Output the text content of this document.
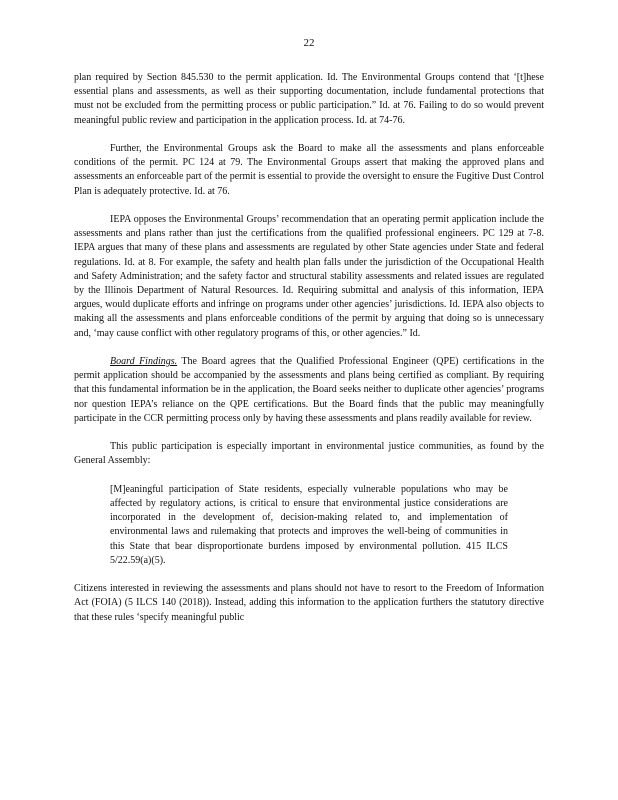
22

plan required by Section 845.530 to the permit application. Id. The Environmental Groups contend that ‘[t]hese essential plans and assessments, as well as their supporting documentation, include fundamental protections that must not be excluded from the permitting process or public participation.” Id. at 76. Failing to do so would prevent meaningful public review and participation in the application process. Id. at 74-76.

Further, the Environmental Groups ask the Board to make all the assessments and plans enforceable conditions of the permit. PC 124 at 79. The Environmental Groups assert that making the approved plans and assessments an enforceable part of the permit is essential to provide the oversight to ensure the Fugitive Dust Control Plan is adequately protective. Id. at 76.

IEPA opposes the Environmental Groups’ recommendation that an operating permit application include the assessments and plans rather than just the certifications from the qualified professional engineers. PC 129 at 7-8. IEPA argues that many of these plans and assessments are regulated by other State agencies under State and federal regulations. Id. at 8. For example, the safety and health plan falls under the jurisdiction of the Occupational Health and Safety Administration; and the safety factor and structural stability assessments and related issues are regulated by the Illinois Department of Natural Resources. Id. Requiring submittal and analysis of this information, IEPA argues, would duplicate efforts and infringe on programs under other agencies’ jurisdictions. Id. IEPA also objects to making all the assessments and plans enforceable conditions of the permit by arguing that doing so is unnecessary and, ‘may cause conflict with other regulatory programs of this, or other agencies.” Id.

Board Findings. The Board agrees that the Qualified Professional Engineer (QPE) certifications in the permit application should be accompanied by the assessments and plans being certified as compliant. By requiring that this fundamental information be in the application, the Board seeks neither to duplicate other agencies’ programs nor question IEPA’s reliance on the QPE certifications. But the Board finds that the public may meaningfully participate in the CCR permitting process only by having these assessments and plans readily available for review.

This public participation is especially important in environmental justice communities, as found by the General Assembly:

[M]eaningful participation of State residents, especially vulnerable populations who may be affected by regulatory actions, is critical to ensure that environmental justice considerations are incorporated in the development of, decision-making related to, and implementation of environmental laws and rulemaking that protects and improves the well-being of communities in this State that bear disproportionate burdens imposed by environmental pollution. 415 ILCS 5/22.59(a)(5).

Citizens interested in reviewing the assessments and plans should not have to resort to the Freedom of Information Act (FOIA) (5 ILCS 140 (2018)). Instead, adding this information to the application furthers the statutory directive that these rules ‘specify meaningful public
